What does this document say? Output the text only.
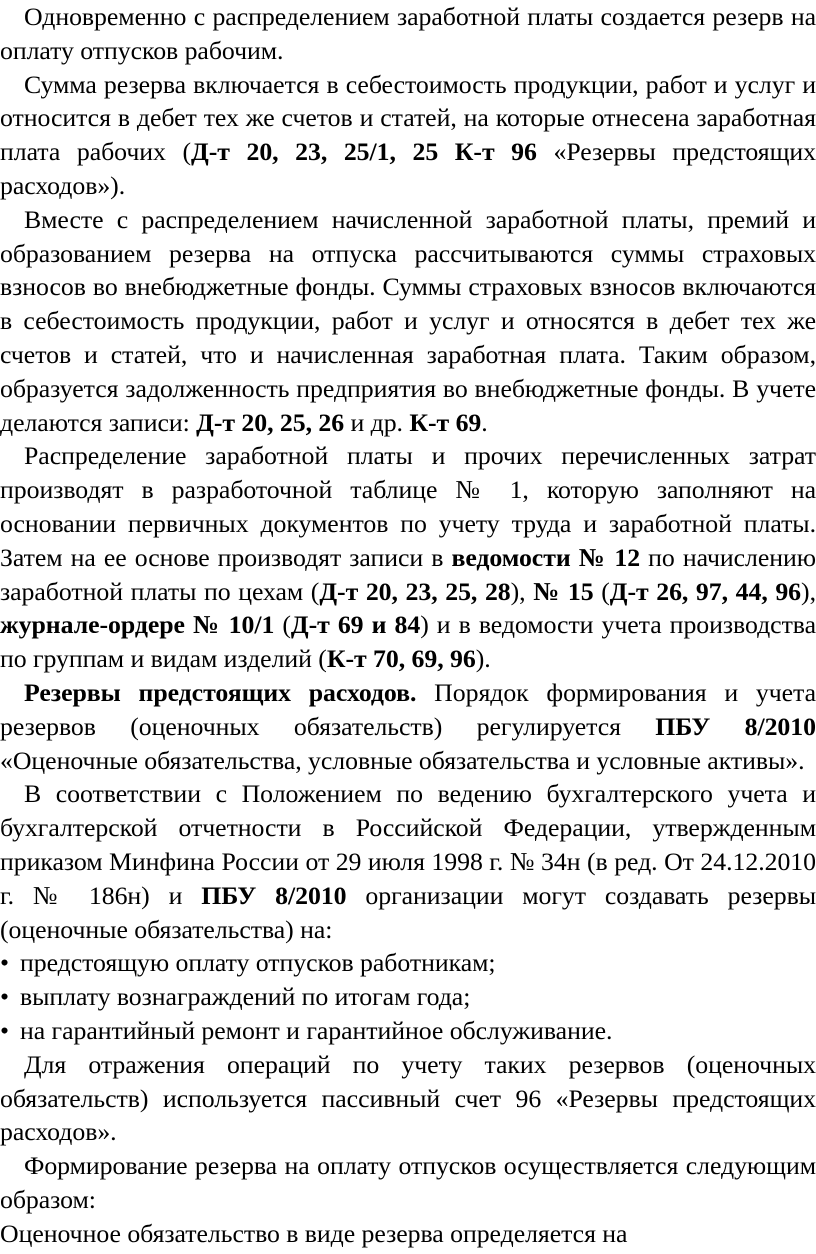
Одновременно с распределением заработной платы создается резерв на оплату отпусков рабочим.

Сумма резерва включается в себестоимость продукции, работ и услуг и относится в дебет тех же счетов и статей, на которые отнесена заработная плата рабочих (Д-т 20, 23, 25/1, 25 К-т 96 «Резервы предстоящих расходов»).

Вместе с распределением начисленной заработной платы, премий и образованием резерва на отпуска рассчитываются суммы страховых взносов во внебюджетные фонды. Суммы страховых взносов включаются в себестоимость продукции, работ и услуг и относятся в дебет тех же счетов и статей, что и начисленная заработная плата. Таким образом, образуется задолженность предприятия во внебюджетные фонды. В учете делаются записи: Д-т 20, 25, 26 и др. К-т 69.

Распределение заработной платы и прочих перечисленных затрат производят в разработочной таблице № 1, которую заполняют на основании первичных документов по учету труда и заработной платы. Затем на ее основе производят записи в ведомости № 12 по начислению заработной платы по цехам (Д-т 20, 23, 25, 28), № 15 (Д-т 26, 97, 44, 96), журнале-ордере № 10/1 (Д-т 69 и 84) и в ведомости учета производства по группам и видам изделий (К-т 70, 69, 96).

Резервы предстоящих расходов. Порядок формирования и учета резервов (оценочных обязательств) регулируется ПБУ 8/2010 «Оценочные обязательства, условные обязательства и условные активы».

В соответствии с Положением по ведению бухгалтерского учета и бухгалтерской отчетности в Российской Федерации, утвержденным приказом Минфина России от 29 июля 1998 г. № 34н (в ред. От 24.12.2010 г. № 186н) и ПБУ 8/2010 организации могут создавать резервы (оценочные обязательства) на:

• предстоящую оплату отпусков работникам;

• выплату вознаграждений по итогам года;

• на гарантийный ремонт и гарантийное обслуживание.

Для отражения операций по учету таких резервов (оценочных обязательств) используется пассивный счет 96 «Резервы предстоящих расходов».

Формирование резерва на оплату отпусков осуществляется следующим образом:

Оценочное обязательство в виде резерва определяется на
